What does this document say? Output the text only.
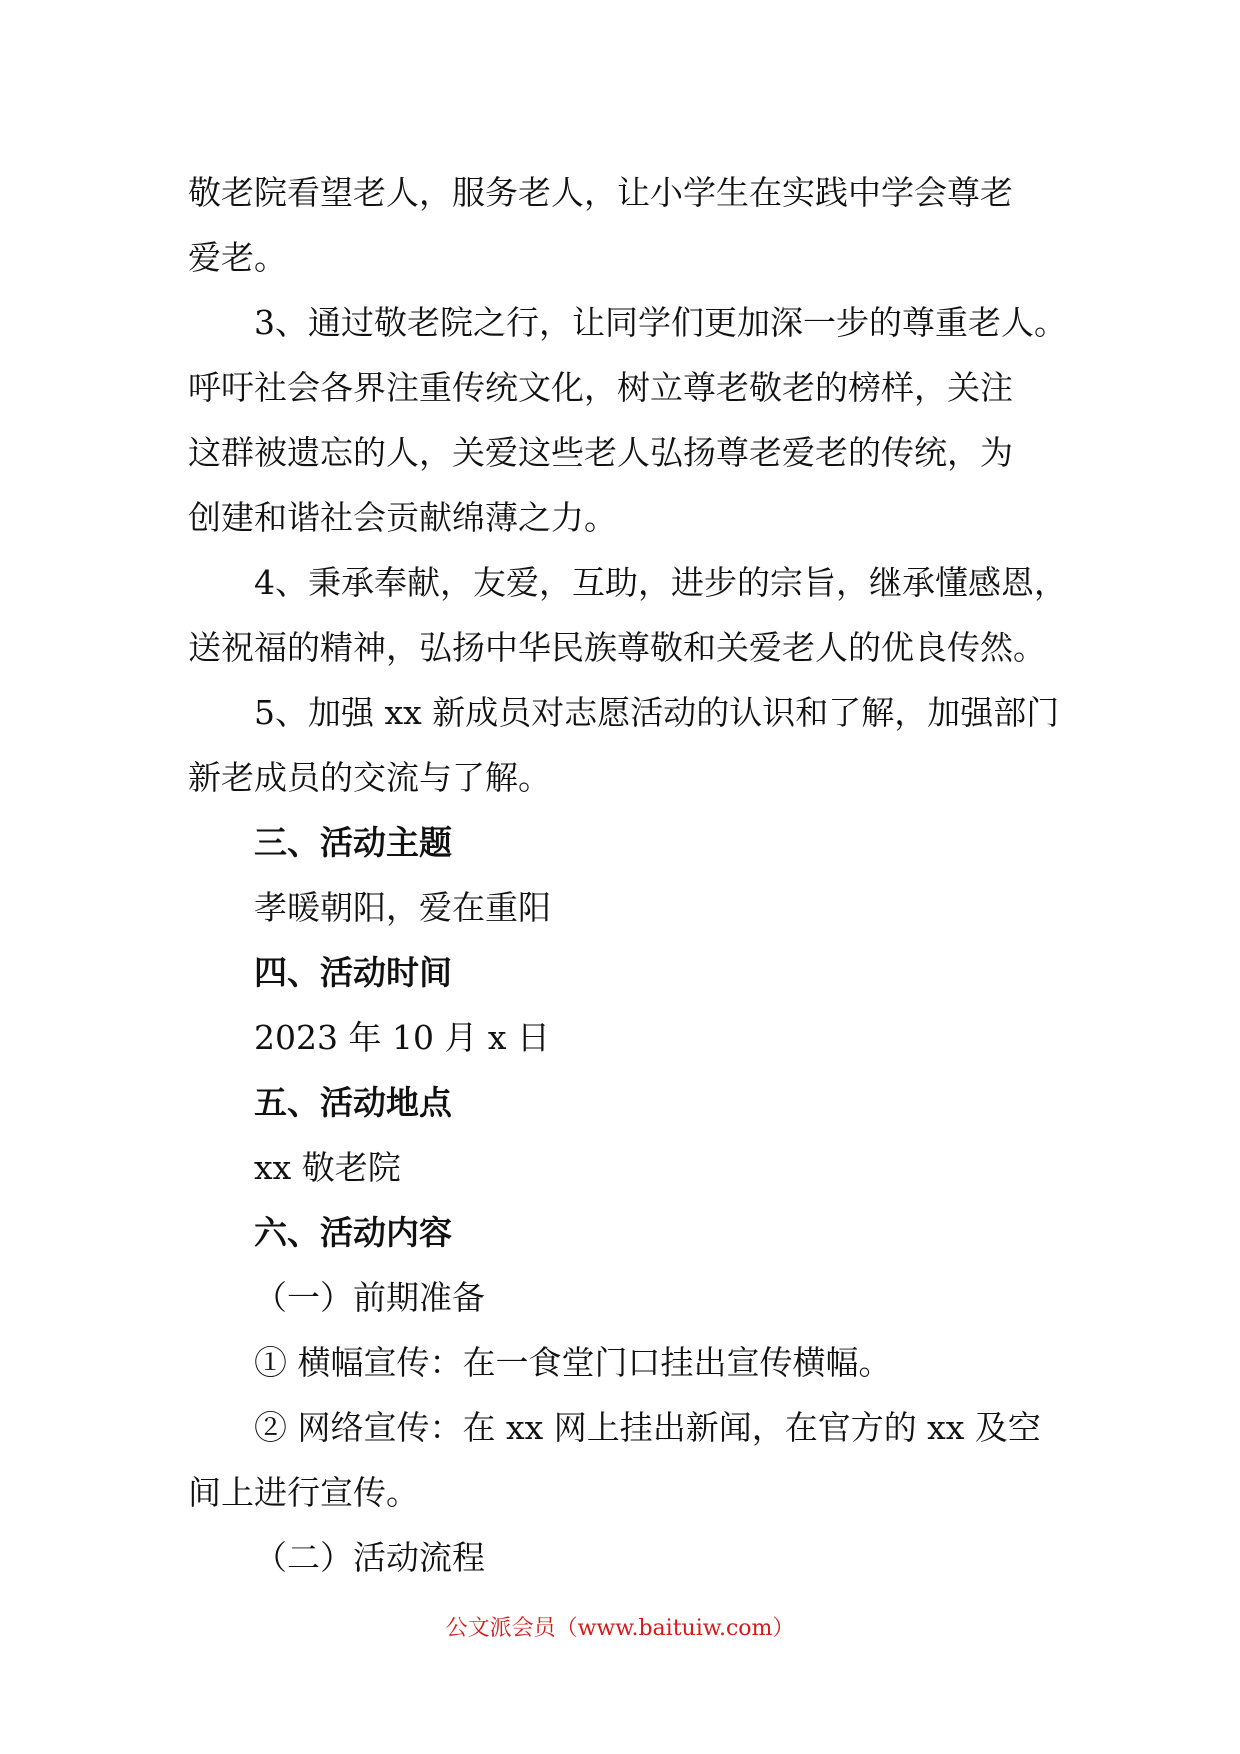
敬老院看望老人，服务老人，让小学生在实践中学会尊老
爱老。

3、通过敬老院之行，让同学们更加深一步的尊重老人。
呼吁社会各界注重传统文化，树立尊老敬老的榜样，关注
这群被遗忘的人，关爱这些老人弘扬尊老爱老的传统，为
创建和谐社会贡献绵薄之力。

4、秉承奉献，友爱，互助，进步的宗旨，继承懂感恩，
送祝福的精神，弘扬中华民族尊敬和关爱老人的优良传然。

5、加强 xx 新成员对志愿活动的认识和了解，加强部门
新老成员的交流与了解。

三、活动主题

孝暖朝阳，爱在重阳

四、活动时间

2023 年 10 月 x 日

五、活动地点

xx 敬老院

六、活动内容

（一）前期准备

① 横幅宣传：在一食堂门口挂出宣传横幅。

② 网络宣传：在 xx 网上挂出新闻，在官方的 xx 及空
间上进行宣传。

（二）活动流程

公文派会员（www.baituiw.com）
